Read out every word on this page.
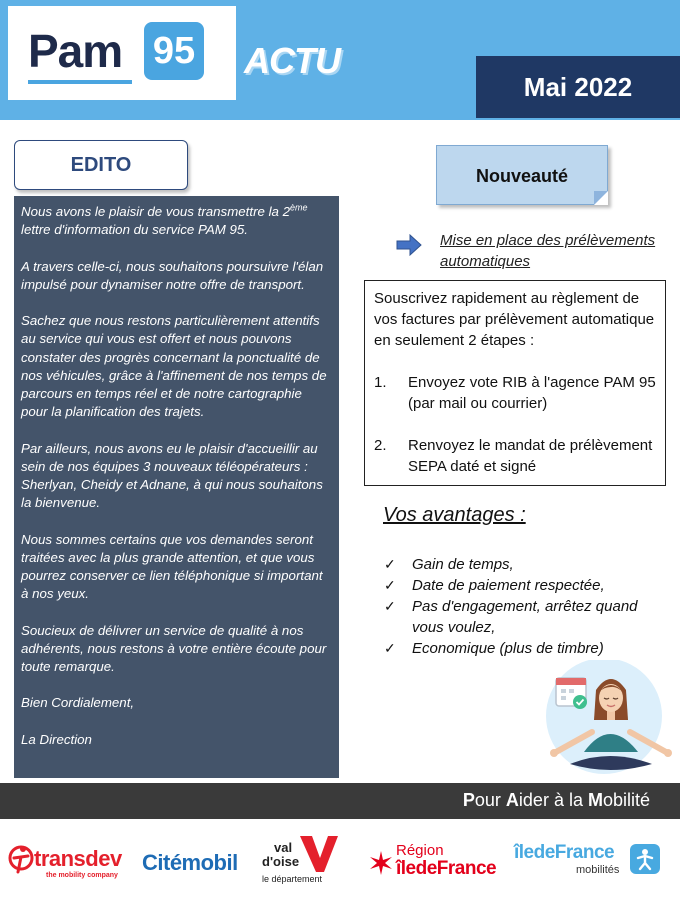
Pam 95 ACTU
Mai 2022
EDITO

Nous avons le plaisir de vous transmettre la 2ème lettre d'information du service PAM 95.

A travers celle-ci, nous souhaitons poursuivre l'élan impulsé pour dynamiser notre offre de transport.

Sachez que nous restons particulièrement attentifs au service qui vous est offert et nous pouvons constater des progrès concernant la ponctualité de nos véhicules, grâce à l'affinement de nos temps de parcours en temps réel et de notre cartographie pour la planification des trajets.

Par ailleurs, nous avons eu le plaisir d'accueillir au sein de nos équipes 3 nouveaux téléopérateurs : Sherlyan, Cheidy et Adnane, à qui nous souhaitons la bienvenue.

Nous sommes certains que vos demandes seront traitées avec la plus grande attention, et que vous pourrez conserver ce lien téléphonique si important à nos yeux.

Soucieux de délivrer un service de qualité à nos adhérents, nous restons à votre entière écoute pour toute remarque.

Bien Cordialement,

La Direction

Nouveauté
Mise en place des prélèvements automatiques
Souscrivez rapidement au règlement de vos factures par prélèvement automatique en seulement 2 étapes :
1.	Envoyez vote RIB à l'agence PAM 95 (par mail ou courrier)
2.	Renvoyez le mandat de prélèvement SEPA daté et signé
Vos avantages :
✓	Gain de temps,
✓	Date de paiement respectée,
✓	Pas d'engagement, arrêtez quand vous voulez,
✓	Economique (plus de timbre)
Pour Aider à la Mobilité
transdev
the mobility company
Citémobil
val
d'oise
le département
Région
îledeFrance
îledeFrance
mobilités
